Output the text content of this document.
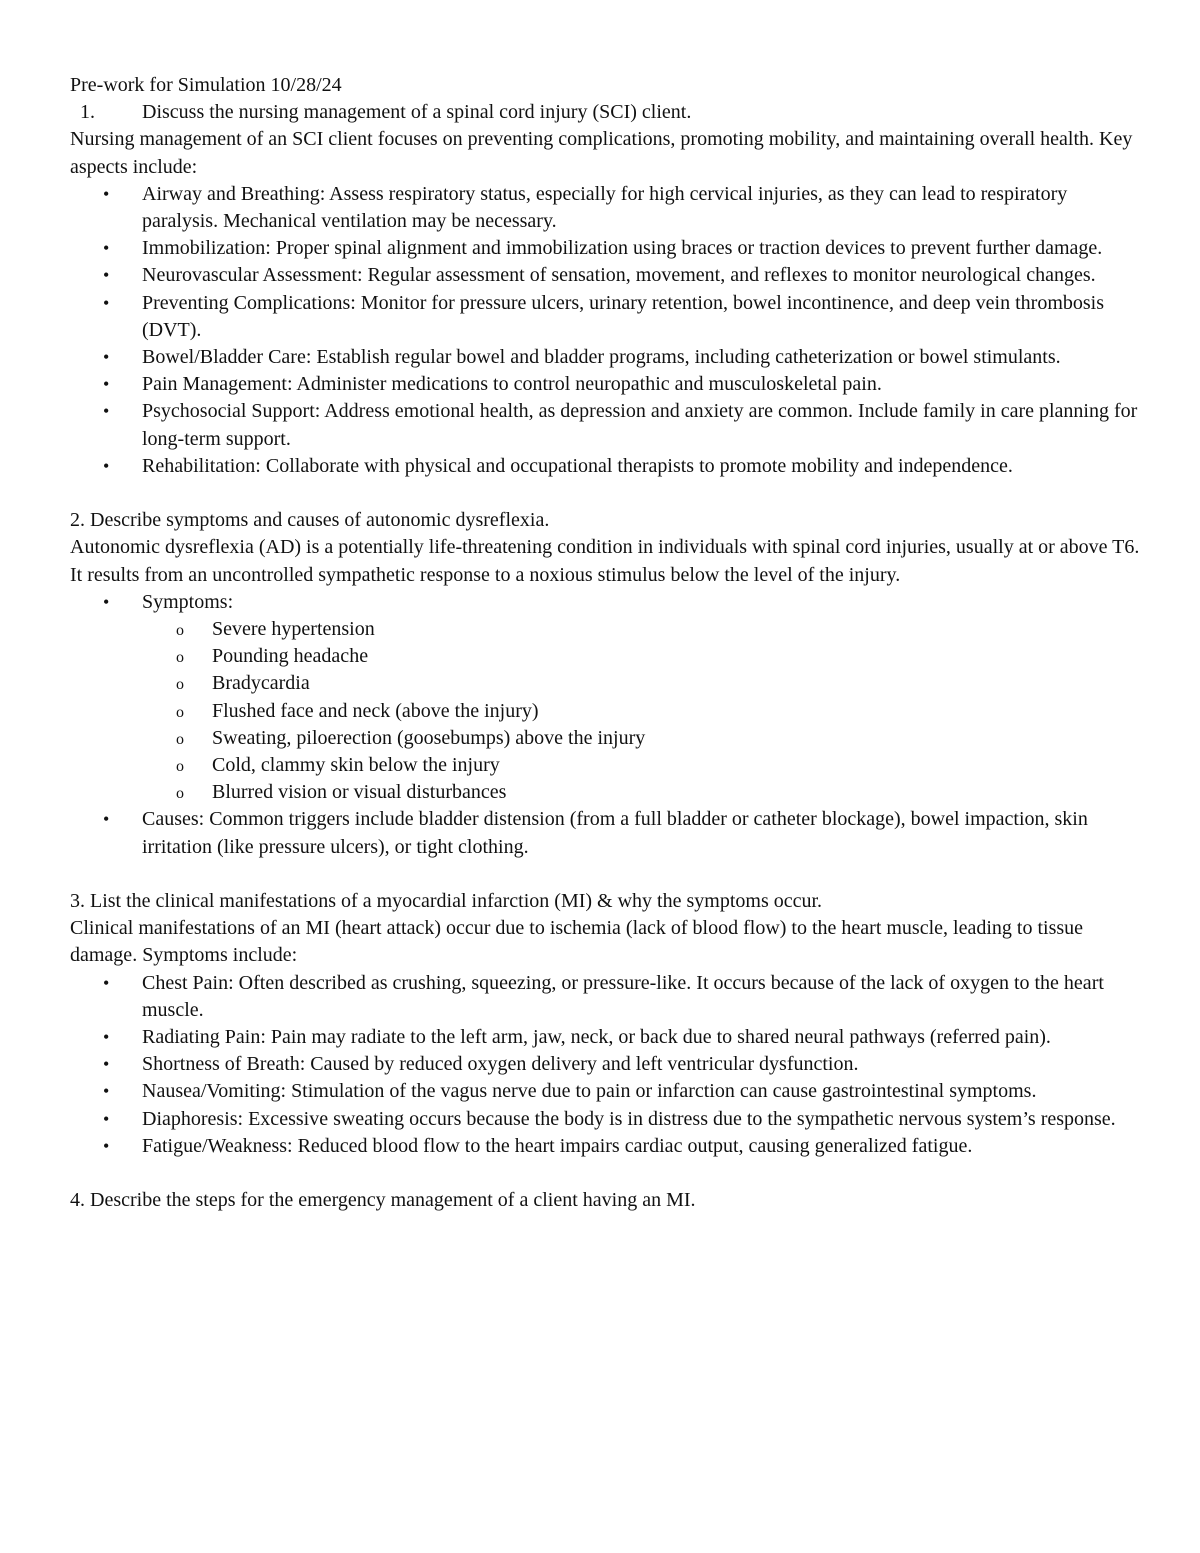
Pre-work for Simulation 10/28/24

1. Discuss the nursing management of a spinal cord injury (SCI) client.

Nursing management of an SCI client focuses on preventing complications, promoting mobility, and maintaining overall health. Key aspects include:

• Airway and Breathing: Assess respiratory status, especially for high cervical injuries, as they can lead to respiratory paralysis. Mechanical ventilation may be necessary.
• Immobilization: Proper spinal alignment and immobilization using braces or traction devices to prevent further damage.
• Neurovascular Assessment: Regular assessment of sensation, movement, and reflexes to monitor neurological changes.
• Preventing Complications: Monitor for pressure ulcers, urinary retention, bowel incontinence, and deep vein thrombosis (DVT).
• Bowel/Bladder Care: Establish regular bowel and bladder programs, including catheterization or bowel stimulants.
• Pain Management: Administer medications to control neuropathic and musculoskeletal pain.
• Psychosocial Support: Address emotional health, as depression and anxiety are common. Include family in care planning for long-term support.
• Rehabilitation: Collaborate with physical and occupational therapists to promote mobility and independence.

2. Describe symptoms and causes of autonomic dysreflexia.

Autonomic dysreflexia (AD) is a potentially life-threatening condition in individuals with spinal cord injuries, usually at or above T6. It results from an uncontrolled sympathetic response to a noxious stimulus below the level of the injury.

• Symptoms:
o Severe hypertension
o Pounding headache
o Bradycardia
o Flushed face and neck (above the injury)
o Sweating, piloerection (goosebumps) above the injury
o Cold, clammy skin below the injury
o Blurred vision or visual disturbances
• Causes: Common triggers include bladder distension (from a full bladder or catheter blockage), bowel impaction, skin irritation (like pressure ulcers), or tight clothing.

3. List the clinical manifestations of a myocardial infarction (MI) & why the symptoms occur.

Clinical manifestations of an MI (heart attack) occur due to ischemia (lack of blood flow) to the heart muscle, leading to tissue damage. Symptoms include:

• Chest Pain: Often described as crushing, squeezing, or pressure-like. It occurs because of the lack of oxygen to the heart muscle.
• Radiating Pain: Pain may radiate to the left arm, jaw, neck, or back due to shared neural pathways (referred pain).
• Shortness of Breath: Caused by reduced oxygen delivery and left ventricular dysfunction.
• Nausea/Vomiting: Stimulation of the vagus nerve due to pain or infarction can cause gastrointestinal symptoms.
• Diaphoresis: Excessive sweating occurs because the body is in distress due to the sympathetic nervous system’s response.
• Fatigue/Weakness: Reduced blood flow to the heart impairs cardiac output, causing generalized fatigue.

4. Describe the steps for the emergency management of a client having an MI.
